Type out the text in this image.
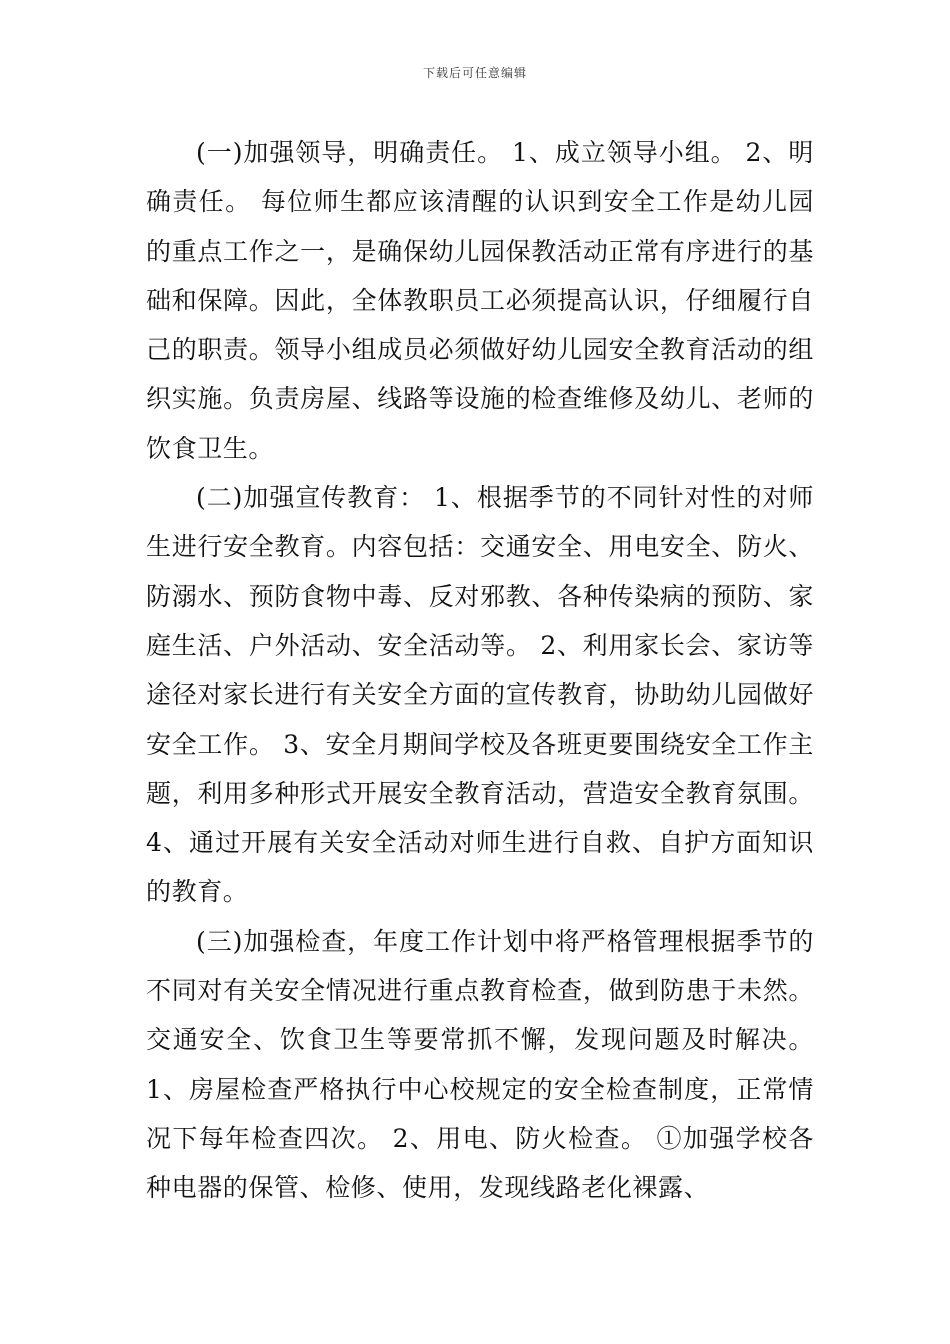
下载后可任意编辑

(一)加强领导，明确责任。 1、成立领导小组。 2、明确责任。 每位师生都应该清醒的认识到安全工作是幼儿园的重点工作之一，是确保幼儿园保教活动正常有序进行的基础和保障。因此，全体教职员工必须提高认识，仔细履行自己的职责。领导小组成员必须做好幼儿园安全教育活动的组织实施。负责房屋、线路等设施的检查维修及幼儿、老师的饮食卫生。

(二)加强宣传教育： 1、根据季节的不同针对性的对师生进行安全教育。内容包括：交通安全、用电安全、防火、防溺水、预防食物中毒、反对邪教、各种传染病的预防、家庭生活、户外活动、安全活动等。 2、利用家长会、家访等途径对家长进行有关安全方面的宣传教育，协助幼儿园做好安全工作。 3、安全月期间学校及各班更要围绕安全工作主题，利用多种形式开展安全教育活动，营造安全教育氛围。 4、通过开展有关安全活动对师生进行自救、自护方面知识的教育。

(三)加强检查，年度工作计划中将严格管理根据季节的不同对有关安全情况进行重点教育检查，做到防患于未然。交通安全、饮食卫生等要常抓不懈，发现问题及时解决。 1、房屋检查严格执行中心校规定的安全检查制度，正常情况下每年检查四次。 2、用电、防火检查。 ①加强学校各种电器的保管、检修、使用，发现线路老化裸露、
